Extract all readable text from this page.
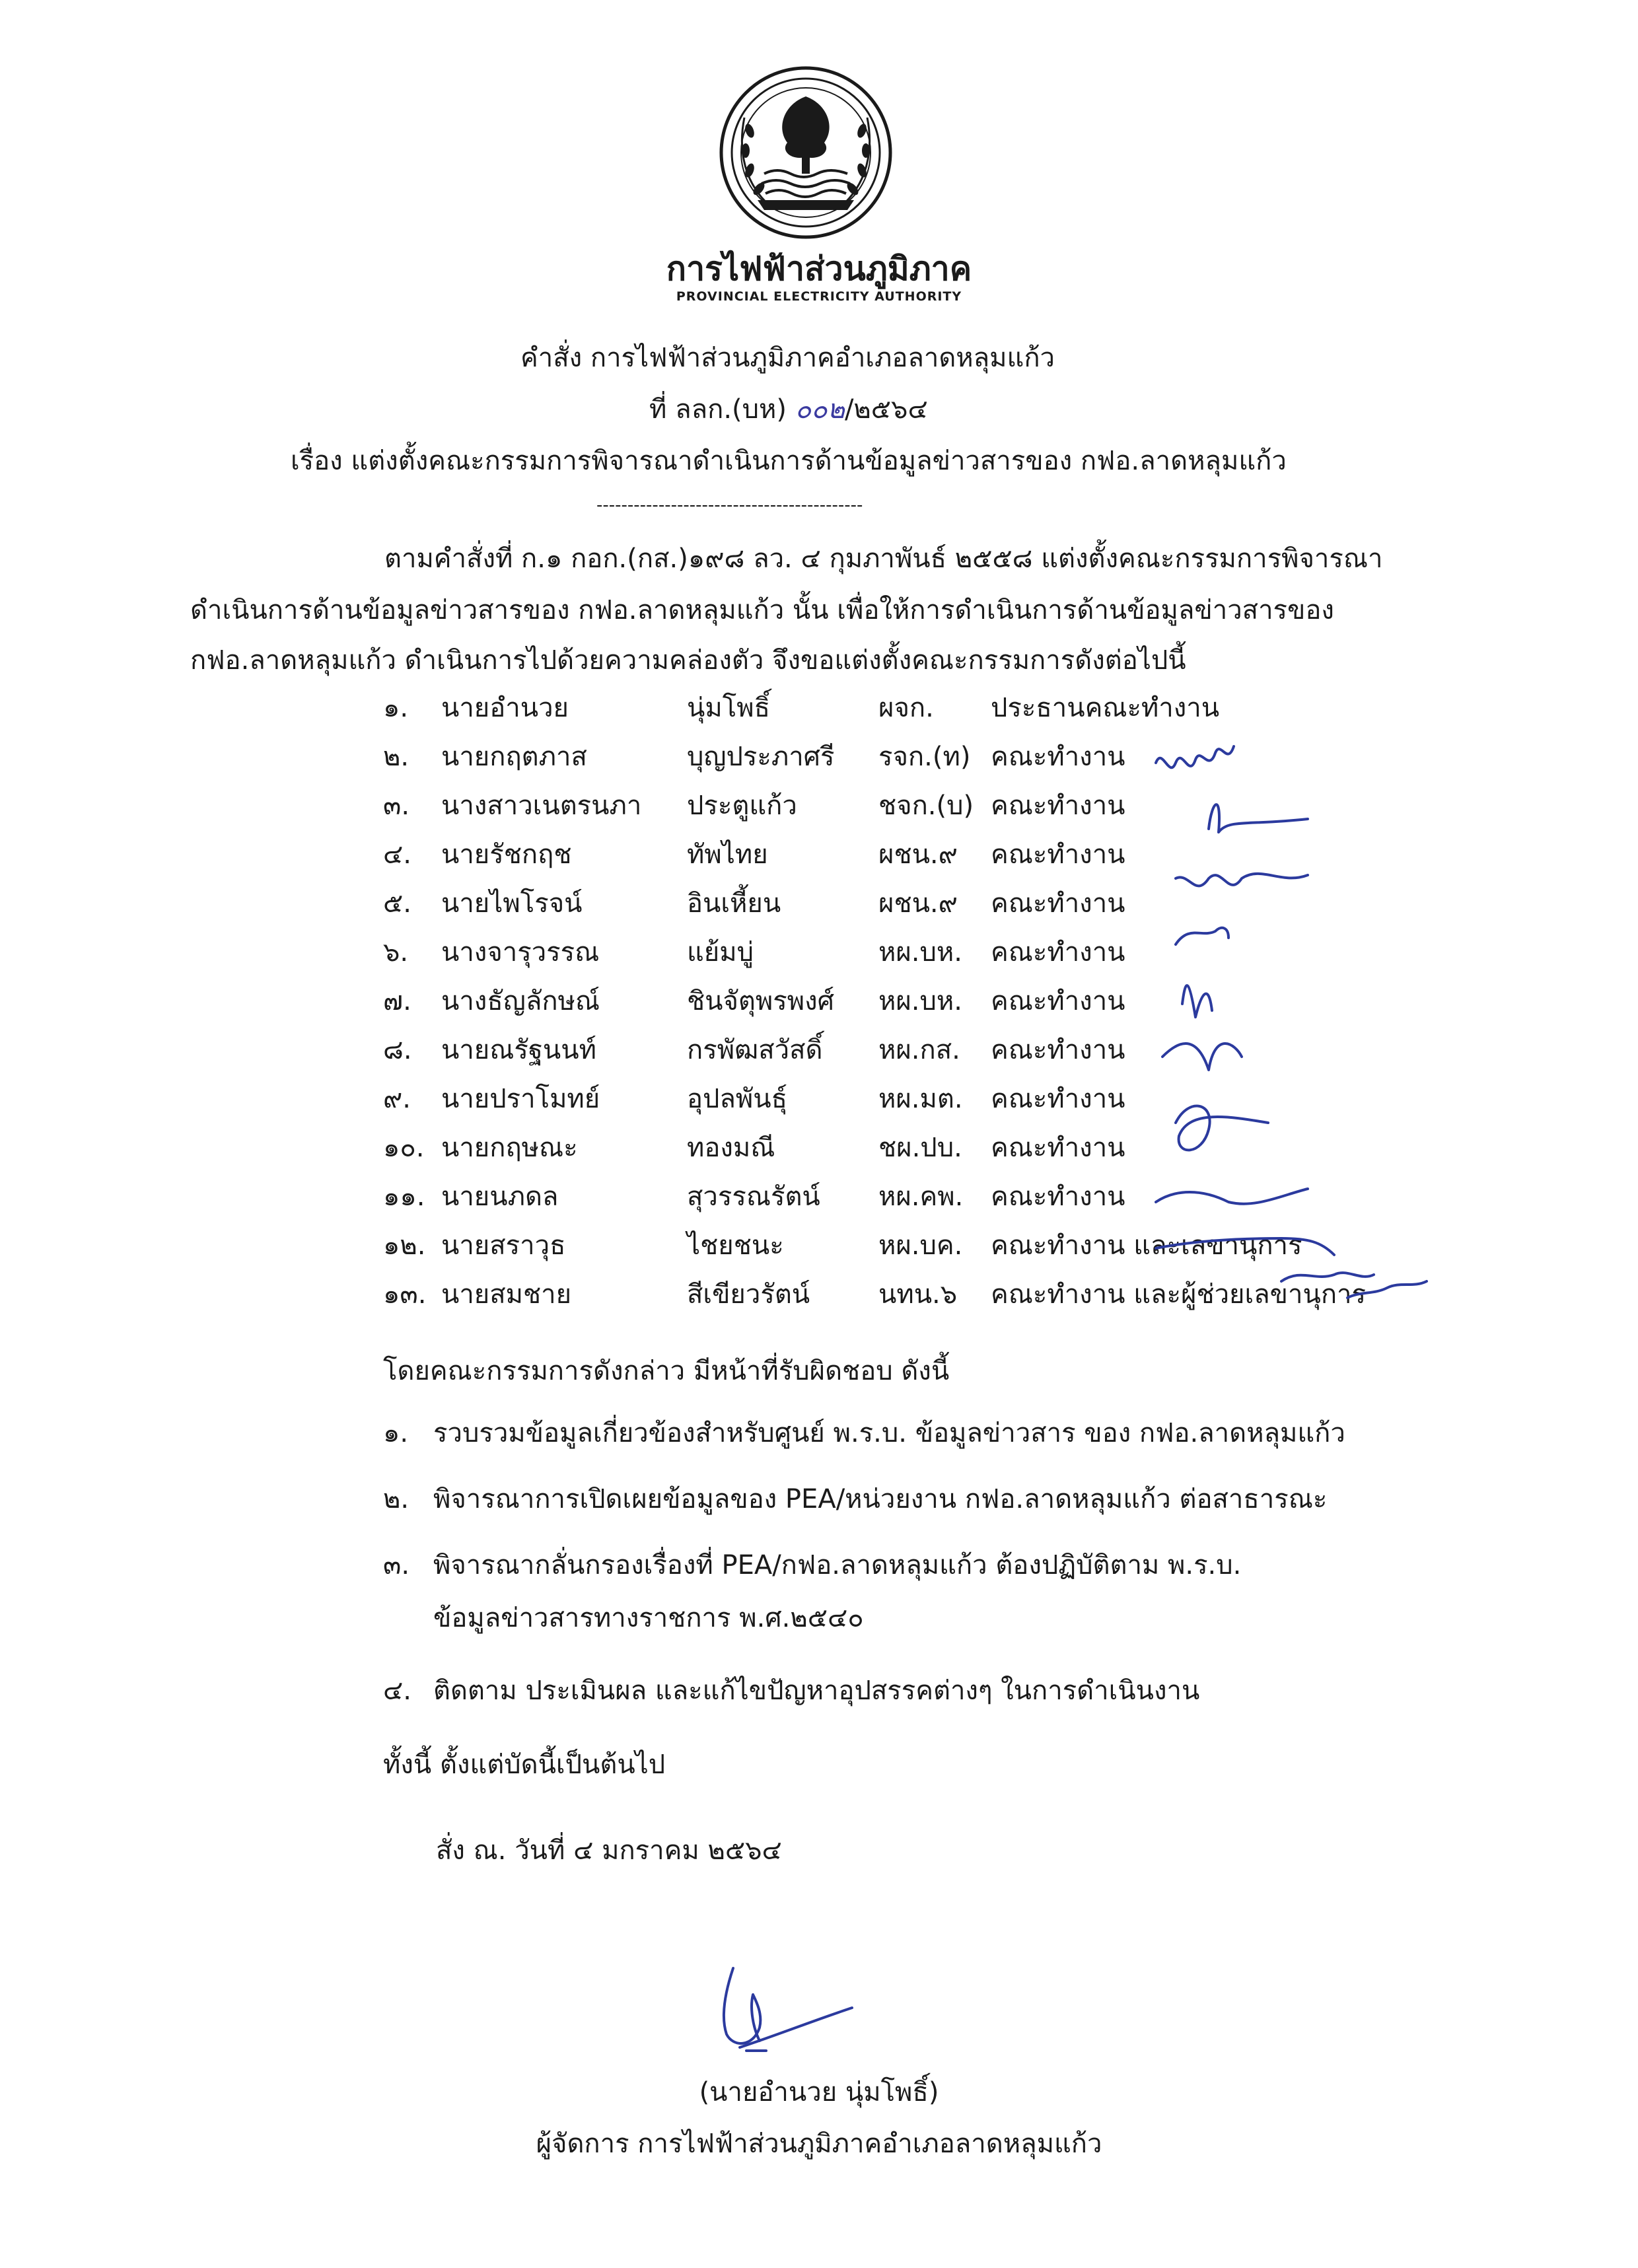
การไฟฟ้าส่วนภูมิภาค
PROVINCIAL ELECTRICITY AUTHORITY
คำสั่ง การไฟฟ้าส่วนภูมิภาคอำเภอลาดหลุมแก้ว
ที่ ลลก.(บห) ๐๐๒/๒๕๖๔
เรื่อง แต่งตั้งคณะกรรมการพิจารณาดำเนินการด้านข้อมูลข่าวสารของ กฟอ.ลาดหลุมแก้ว
-------------------------------------------
ตามคำสั่งที่ ก.๑ กอก.(กส.)๑๙๘ ลว. ๔ กุมภาพันธ์ ๒๕๕๘ แต่งตั้งคณะกรรมการพิจารณา
ดำเนินการด้านข้อมูลข่าวสารของ กฟอ.ลาดหลุมแก้ว นั้น เพื่อให้การดำเนินการด้านข้อมูลข่าวสารของ
กฟอ.ลาดหลุมแก้ว ดำเนินการไปด้วยความคล่องตัว จึงขอแต่งตั้งคณะกรรมการดังต่อไปนี้
๑. นายอำนวย	นุ่มโพธิ์	ผจก. ประธานคณะทำงาน
๒. นายกฤตภาส	บุญประภาศรี รจก.(ท) คณะทำงาน
๓. นางสาวเนตรนภา ประตูแก้ว	ชจก.(บ) คณะทำงาน
๔. นายรัชกฤช	ทัพไทย	ผชน.๙ คณะทำงาน
๕. นายไพโรจน์	อินเหี้ยน	ผชน.๙ คณะทำงาน
๖. นางจารุวรรณ	แย้มบู่	หผ.บห. คณะทำงาน
๗. นางธัญลักษณ์	ชินจัตุพรพงศ์ หผ.บห. คณะทำงาน
๘. นายณรัฐนนท์	กรพัฒสวัสดิ์ หผ.กส. คณะทำงาน
๙. นายปราโมทย์	อุปลพันธุ์	หผ.มต. คณะทำงาน
๑๐. นายกฤษณะ	ทองมณี	ชผ.ปบ. คณะทำงาน
๑๑. นายนภดล	สุวรรณรัตน์ หผ.คพ. คณะทำงาน
๑๒. นายสราวุธ	ไชยชนะ	หผ.บค. คณะทำงาน และเลขานุการ
๑๓. นายสมชาย	สีเขียวรัตน์	นทน.๖ คณะทำงาน และผู้ช่วยเลขานุการ
โดยคณะกรรมการดังกล่าว มีหน้าที่รับผิดชอบ ดังนี้
๑. รวบรวมข้อมูลเกี่ยวข้องสำหรับศูนย์ พ.ร.บ. ข้อมูลข่าวสาร ของ กฟอ.ลาดหลุมแก้ว
๒. พิจารณาการเปิดเผยข้อมูลของ PEA/หน่วยงาน กฟอ.ลาดหลุมแก้ว ต่อสาธารณะ
๓. พิจารณากลั่นกรองเรื่องที่ PEA/กฟอ.ลาดหลุมแก้ว ต้องปฏิบัติตาม พ.ร.บ.
ข้อมูลข่าวสารทางราชการ พ.ศ.๒๕๔๐
๔. ติดตาม ประเมินผล และแก้ไขปัญหาอุปสรรคต่างๆ ในการดำเนินงาน
ทั้งนี้ ตั้งแต่บัดนี้เป็นต้นไป
สั่ง ณ. วันที่ ๔ มกราคม ๒๕๖๔
(นายอำนวย นุ่มโพธิ์)
ผู้จัดการ การไฟฟ้าส่วนภูมิภาคอำเภอลาดหลุมแก้ว
